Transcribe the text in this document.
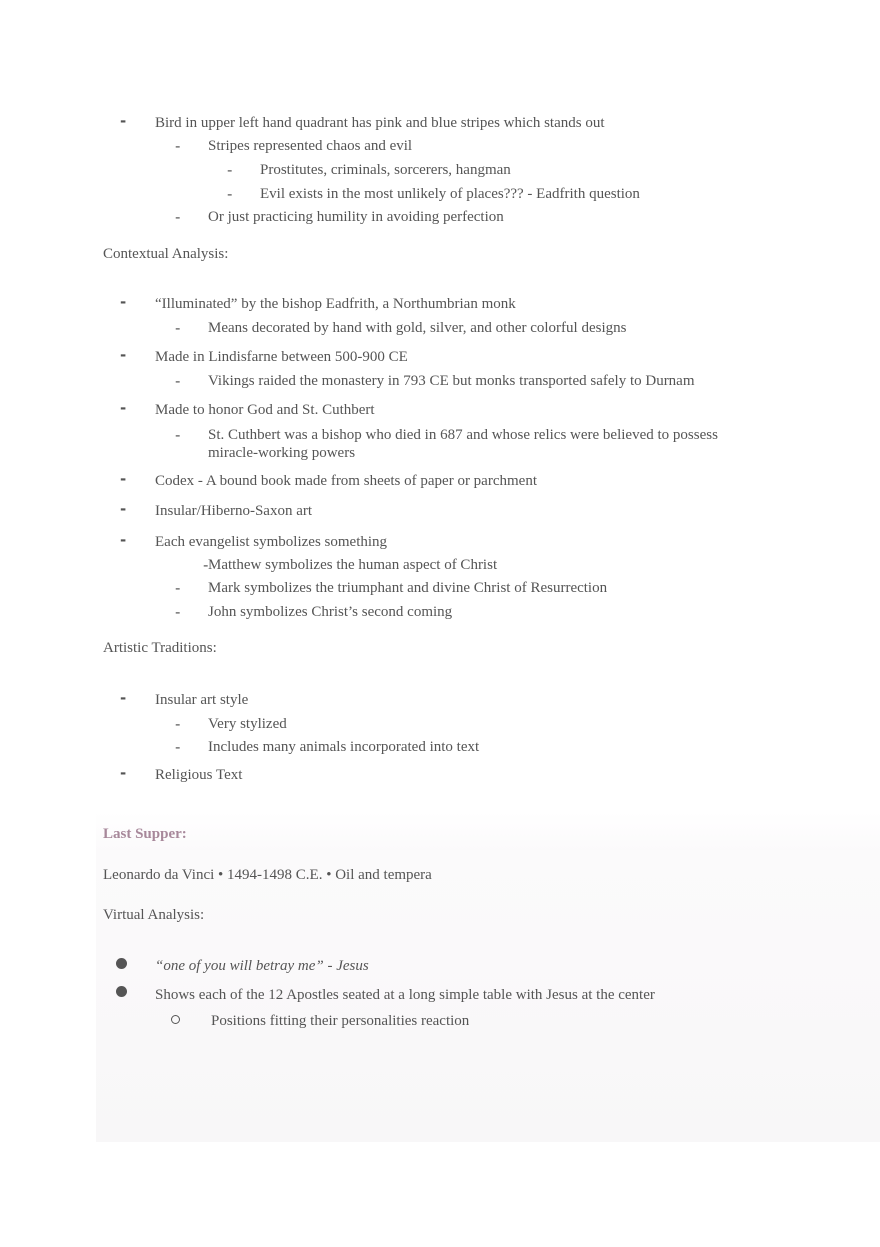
- Bird in upper left hand quadrant has pink and blue stripes which stands out
- Stripes represented chaos and evil
- Prostitutes, criminals, sorcerers, hangman
- Evil exists in the most unlikely of places??? - Eadfrith question
- Or just practicing humility in avoiding perfection
Contextual Analysis:
- “Illuminated” by the bishop Eadfrith, a Northumbrian monk
- Means decorated by hand with gold, silver, and other colorful designs
- Made in Lindisfarne between 500-900 CE
- Vikings raided the monastery in 793 CE but monks transported safely to Durnam
- Made to honor God and St. Cuthbert
- St. Cuthbert was a bishop who died in 687 and whose relics were believed to possess
miracle-working powers
- Codex - A bound book made from sheets of paper or parchment
- Insular/Hiberno-Saxon art
- Each evangelist symbolizes something
- Matthew symbolizes the human aspect of Christ
- Mark symbolizes the triumphant and divine Christ of Resurrection
- John symbolizes Christ’s second coming
Artistic Traditions:
- Insular art style
- Very stylized
- Includes many animals incorporated into text
- Religious Text
Last Supper:
Leonardo da Vinci • 1494-1498 C.E. • Oil and tempera
Virtual Analysis:
“one of you will betray me” - Jesus
Shows each of the 12 Apostles seated at a long simple table with Jesus at the center
Positions fitting their personalities reaction
